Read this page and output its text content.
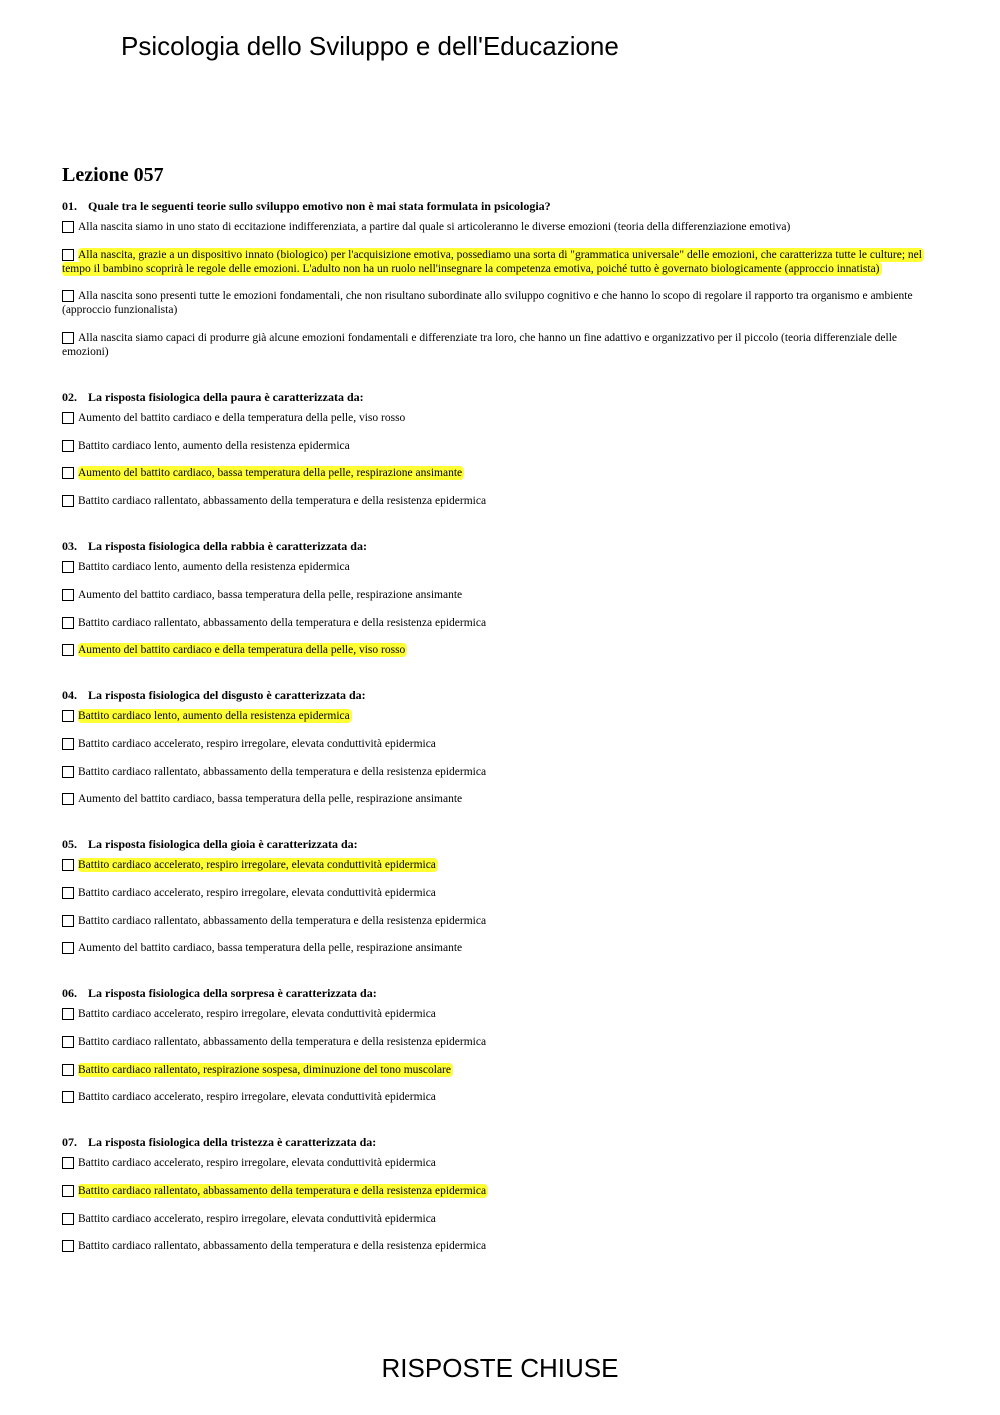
Psicologia dello Sviluppo e dell'Educazione
Lezione 057
01. Quale tra le seguenti teorie sullo sviluppo emotivo non è mai stata formulata in psicologia?
Alla nascita siamo in uno stato di eccitazione indifferenziata, a partire dal quale si articoleranno le diverse emozioni (teoria della differenziazione emotiva)
Alla nascita, grazie a un dispositivo innato (biologico) per l'acquisizione emotiva, possediamo una sorta di "grammatica universale" delle emozioni, che caratterizza tutte le culture; nel tempo il bambino scoprirà le regole delle emozioni. L'adulto non ha un ruolo nell'insegnare la competenza emotiva, poiché tutto è governato biologicamente (approccio innatista)
Alla nascita sono presenti tutte le emozioni fondamentali, che non risultano subordinate allo sviluppo cognitivo e che hanno lo scopo di regolare il rapporto tra organismo e ambiente (approccio funzionalista)
Alla nascita siamo capaci di produrre già alcune emozioni fondamentali e differenziate tra loro, che hanno un fine adattivo e organizzativo per il piccolo (teoria differenziale delle emozioni)
02. La risposta fisiologica della paura è caratterizzata da:
Aumento del battito cardiaco e della temperatura della pelle, viso rosso
Battito cardiaco lento, aumento della resistenza epidermica
Aumento del battito cardiaco, bassa temperatura della pelle, respirazione ansimante
Battito cardiaco rallentato, abbassamento della temperatura e della resistenza epidermica
03. La risposta fisiologica della rabbia è caratterizzata da:
Battito cardiaco lento, aumento della resistenza epidermica
Aumento del battito cardiaco, bassa temperatura della pelle, respirazione ansimante
Battito cardiaco rallentato, abbassamento della temperatura e della resistenza epidermica
Aumento del battito cardiaco e della temperatura della pelle, viso rosso
04. La risposta fisiologica del disgusto è caratterizzata da:
Battito cardiaco lento, aumento della resistenza epidermica
Battito cardiaco accelerato, respiro irregolare, elevata conduttività epidermica
Battito cardiaco rallentato, abbassamento della temperatura e della resistenza epidermica
Aumento del battito cardiaco, bassa temperatura della pelle, respirazione ansimante
05. La risposta fisiologica della gioia è caratterizzata da:
Battito cardiaco accelerato, respiro irregolare, elevata conduttività epidermica
Battito cardiaco accelerato, respiro irregolare, elevata conduttività epidermica
Battito cardiaco rallentato, abbassamento della temperatura e della resistenza epidermica
Aumento del battito cardiaco, bassa temperatura della pelle, respirazione ansimante
06. La risposta fisiologica della sorpresa è caratterizzata da:
Battito cardiaco accelerato, respiro irregolare, elevata conduttività epidermica
Battito cardiaco rallentato, abbassamento della temperatura e della resistenza epidermica
Battito cardiaco rallentato, respirazione sospesa, diminuzione del tono muscolare
Battito cardiaco accelerato, respiro irregolare, elevata conduttività epidermica
07. La risposta fisiologica della tristezza è caratterizzata da:
Battito cardiaco accelerato, respiro irregolare, elevata conduttività epidermica
Battito cardiaco rallentato, abbassamento della temperatura e della resistenza epidermica
Battito cardiaco accelerato, respiro irregolare, elevata conduttività epidermica
Battito cardiaco rallentato, abbassamento della temperatura e della resistenza epidermica
RISPOSTE CHIUSE
